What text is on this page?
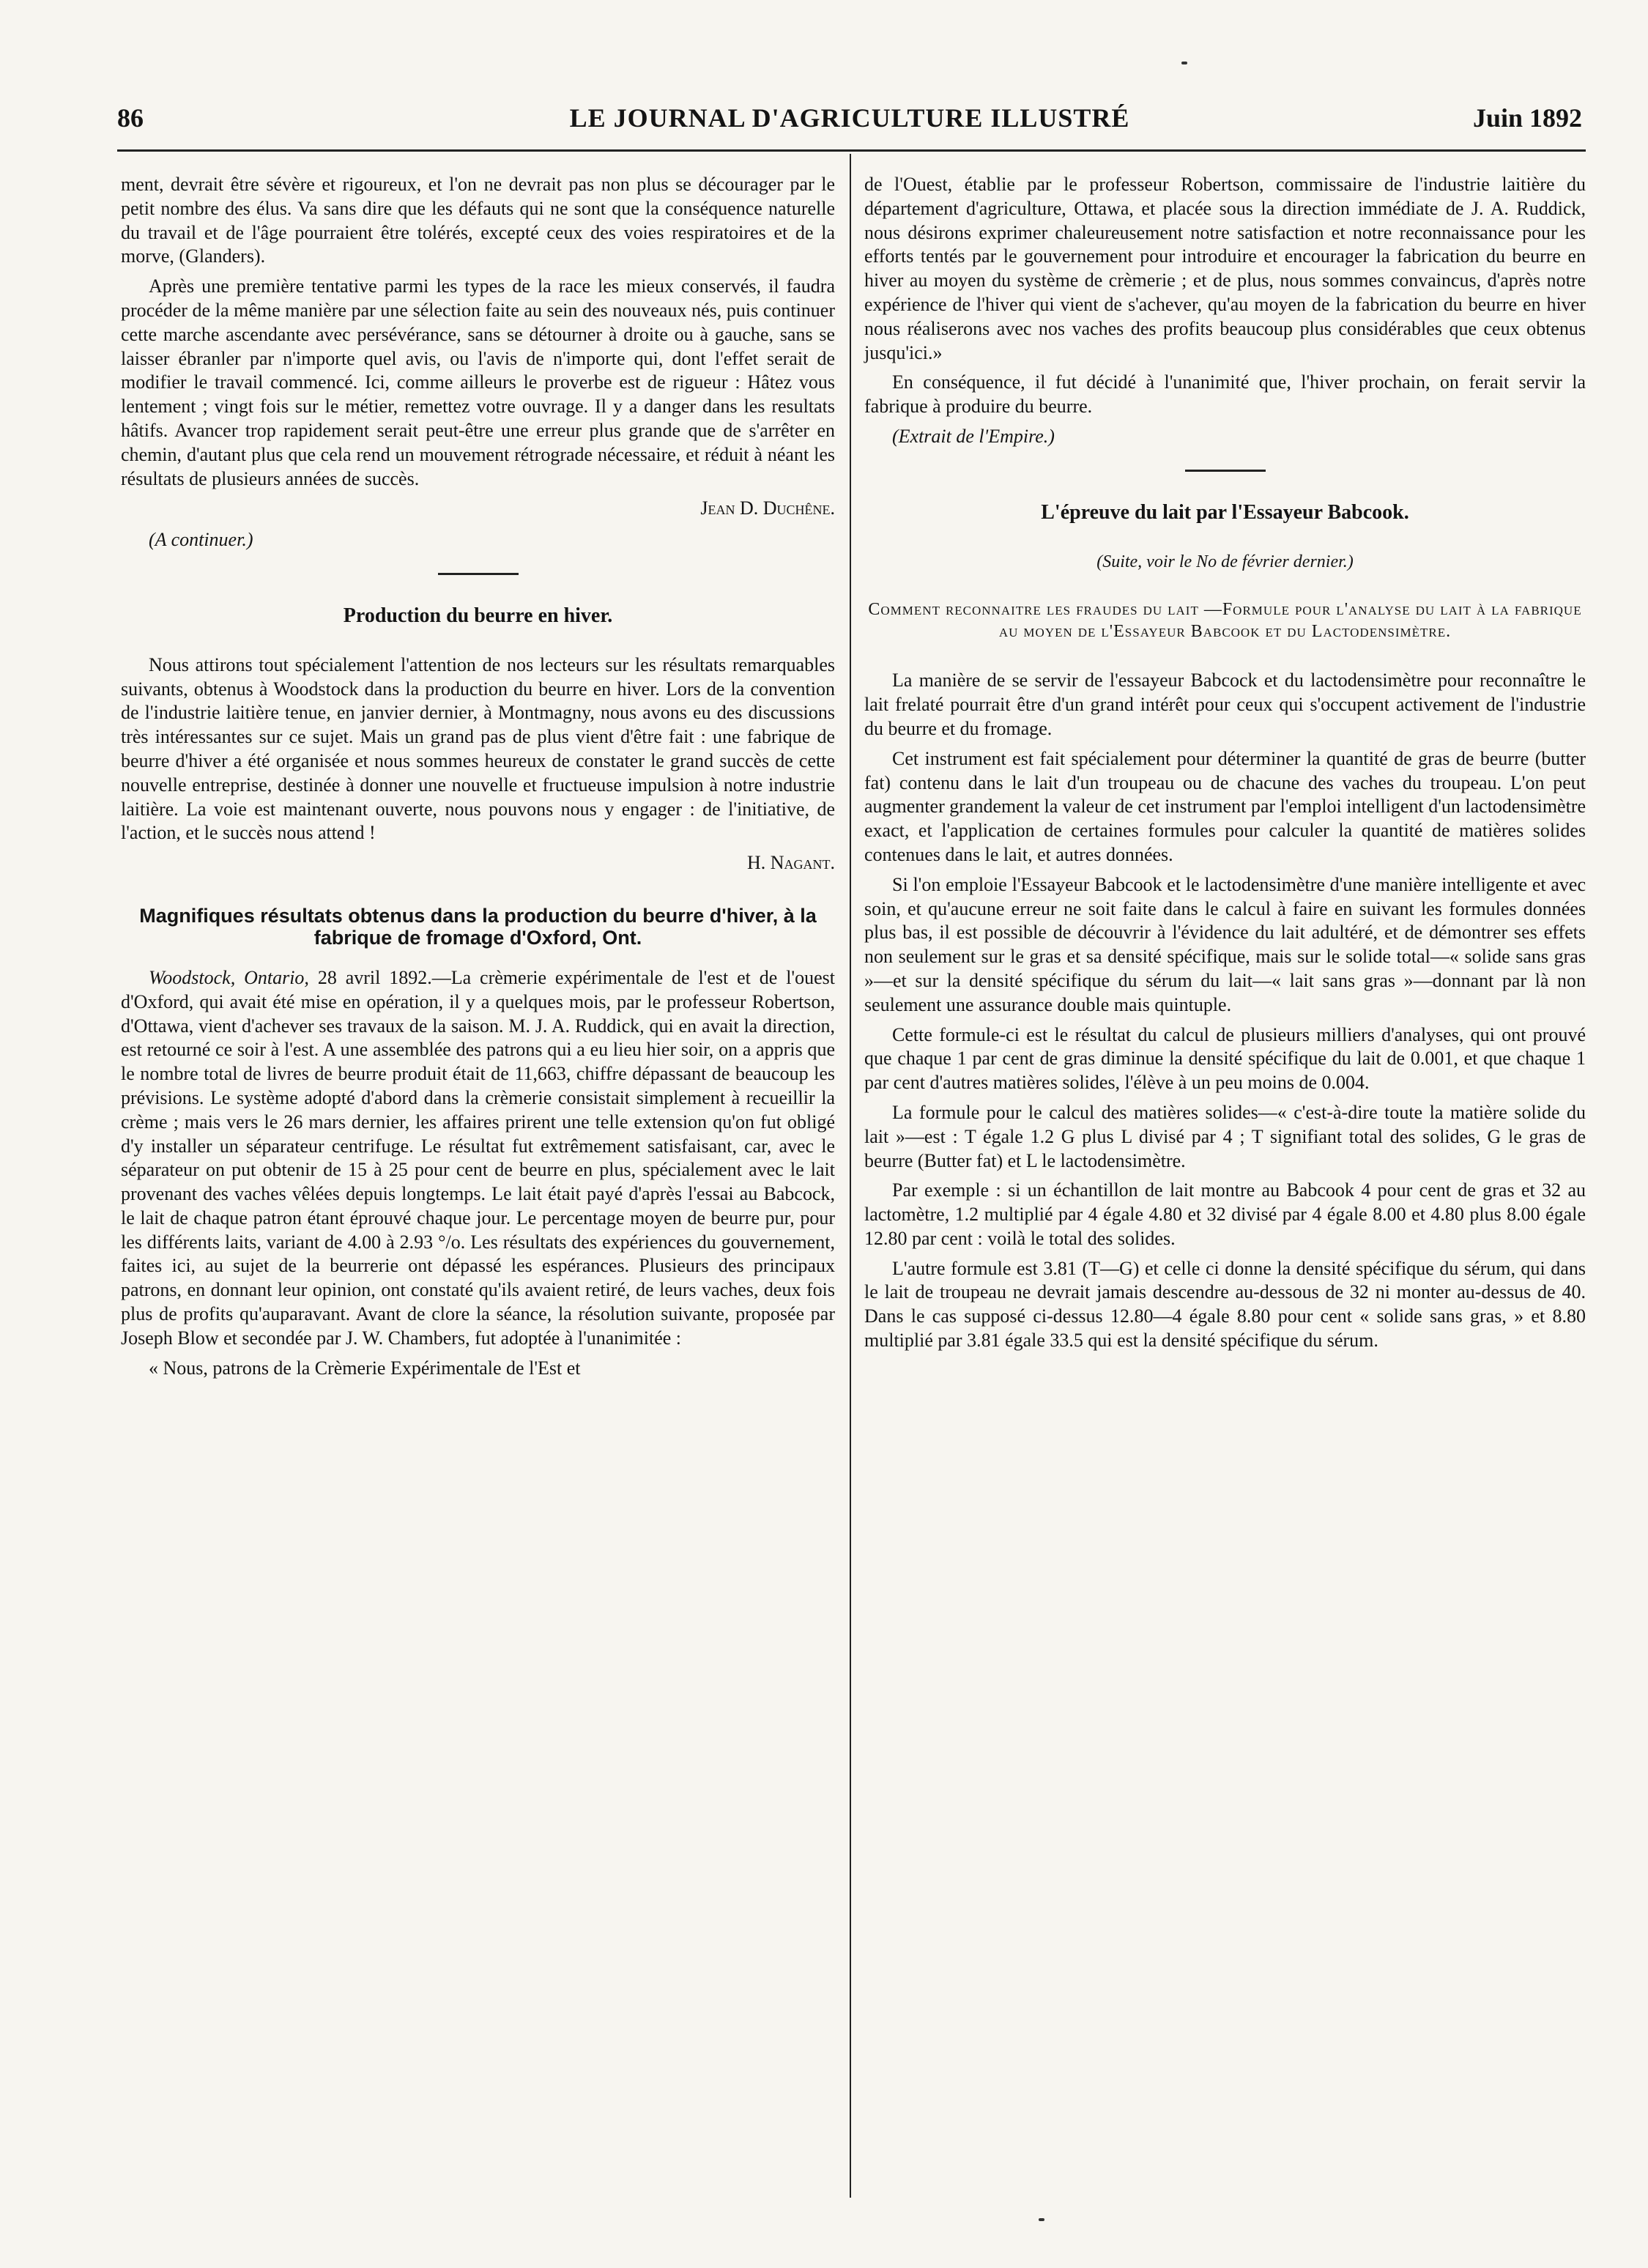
86	LE JOURNAL D'AGRICULTURE ILLUSTRÉ	Juin 1892

ment, devrait être sévère et rigoureux, et l'on ne devrait pas non plus se décourager par le petit nombre des élus. Va sans dire que les défauts qui ne sont que la conséquence naturelle du travail et de l'âge pourraient être tolérés, excepté ceux des voies respiratoires et de la morve, (Glanders).

Après une première tentative parmi les types de la race les mieux conservés, il faudra procéder de la même manière par une sélection faite au sein des nouveaux nés, puis continuer cette marche ascendante avec persévérance, sans se détourner à droite ou à gauche, sans se laisser ébranler par n'importe quel avis, ou l'avis de n'importe qui, dont l'effet serait de modifier le travail commencé. Ici, comme ailleurs le proverbe est de rigueur : Hâtez vous lentement ; vingt fois sur le métier, remettez votre ouvrage. Il y a danger dans les resultats hâtifs. Avancer trop rapidement serait peut-être une erreur plus grande que de s'arrêter en chemin, d'autant plus que cela rend un mouvement rétrograde nécessaire, et réduit à néant les résultats de plusieurs années de succès.

Jean D. Duchêne.
(A continuer.)
Production du beurre en hiver.

Nous attirons tout spécialement l'attention de nos lecteurs sur les résultats remarquables suivants, obtenus à Woodstock dans la production du beurre en hiver. Lors de la convention de l'industrie laitière tenue, en janvier dernier, à Montmagny, nous avons eu des discussions très intéressantes sur ce sujet. Mais un grand pas de plus vient d'être fait : une fabrique de beurre d'hiver a été organisée et nous sommes heureux de constater le grand succès de cette nouvelle entreprise, destinée à donner une nouvelle et fructueuse impulsion à notre industrie laitière. La voie est maintenant ouverte, nous pouvons nous y engager : de l'initiative, de l'action, et le succès nous attend !

H. Nagant.
Magnifiques résultats obtenus dans la production du beurre d'hiver, à la fabrique de fromage d'Oxford, Ont.

Woodstock, Ontario, 28 avril 1892.—La crèmerie expérimentale de l'est et de l'ouest d'Oxford, qui avait été mise en opération, il y a quelques mois, par le professeur Robertson, d'Ottawa, vient d'achever ses travaux de la saison. M. J. A. Ruddick, qui en avait la direction, est retourné ce soir à l'est. A une assemblée des patrons qui a eu lieu hier soir, on a appris que le nombre total de livres de beurre produit était de 11,663, chiffre dépassant de beaucoup les prévisions. Le système adopté d'abord dans la crèmerie consistait simplement à recueillir la crème ; mais vers le 26 mars dernier, les affaires prirent une telle extension qu'on fut obligé d'y installer un séparateur centrifuge. Le résultat fut extrêmement satisfaisant, car, avec le séparateur on put obtenir de 15 à 25 pour cent de beurre en plus, spécialement avec le lait provenant des vaches vêlées depuis longtemps. Le lait était payé d'après l'essai au Babcock, le lait de chaque patron étant éprouvé chaque jour. Le percentage moyen de beurre pur, pour les différents laits, variant de 4.00 à 2.93 °/o. Les résultats des expériences du gouvernement, faites ici, au sujet de la beurrerie ont dépassé les espérances. Plusieurs des principaux patrons, en donnant leur opinion, ont constaté qu'ils avaient retiré, de leurs vaches, deux fois plus de profits qu'auparavant. Avant de clore la séance, la résolution suivante, proposée par Joseph Blow et secondée par J. W. Chambers, fut adoptée à l'unanimitée :

« Nous, patrons de la Crèmerie Expérimentale de l'Est et

de l'Ouest, établie par le professeur Robertson, commissaire de l'industrie laitière du département d'agriculture, Ottawa, et placée sous la direction immédiate de J. A. Ruddick, nous désirons exprimer chaleureusement notre satisfaction et notre reconnaissance pour les efforts tentés par le gouvernement pour introduire et encourager la fabrication du beurre en hiver au moyen du système de crèmerie ; et de plus, nous sommes convaincus, d'après notre expérience de l'hiver qui vient de s'achever, qu'au moyen de la fabrication du beurre en hiver nous réaliserons avec nos vaches des profits beaucoup plus considérables que ceux obtenus jusqu'ici.»

En conséquence, il fut décidé à l'unanimité que, l'hiver prochain, on ferait servir la fabrique à produire du beurre.

(Extrait de l'Empire.)
L'épreuve du lait par l'Essayeur Babcook.
(Suite, voir le No de février dernier.)
Comment reconnaitre les fraudes du lait —Formule pour l'analyse du lait à la fabrique au moyen de l'Essayeur Babcook et du Lactodensimètre.

La manière de se servir de l'essayeur Babcock et du lactodensimètre pour reconnaître le lait frelaté pourrait être d'un grand intérêt pour ceux qui s'occupent activement de l'industrie du beurre et du fromage.

Cet instrument est fait spécialement pour déterminer la quantité de gras de beurre (butter fat) contenu dans le lait d'un troupeau ou de chacune des vaches du troupeau. L'on peut augmenter grandement la valeur de cet instrument par l'emploi intelligent d'un lactodensimètre exact, et l'application de certaines formules pour calculer la quantité de matières solides contenues dans le lait, et autres données.

Si l'on emploie l'Essayeur Babcook et le lactodensimètre d'une manière intelligente et avec soin, et qu'aucune erreur ne soit faite dans le calcul à faire en suivant les formules données plus bas, il est possible de découvrir à l'évidence du lait adultéré, et de démontrer ses effets non seulement sur le gras et sa densité spécifique, mais sur le solide total—« solide sans gras »—et sur la densité spécifique du sérum du lait—« lait sans gras »—donnant par là non seulement une assurance double mais quintuple.

Cette formule-ci est le résultat du calcul de plusieurs milliers d'analyses, qui ont prouvé que chaque 1 par cent de gras diminue la densité spécifique du lait de 0.001, et que chaque 1 par cent d'autres matières solides, l'élève à un peu moins de 0.004.

La formule pour le calcul des matières solides—« c'est-à-dire toute la matière solide du lait »—est : T égale 1.2 G plus L divisé par 4 ; T signifiant total des solides, G le gras de beurre (Butter fat) et L le lactodensimètre.

Par exemple : si un échantillon de lait montre au Babcook 4 pour cent de gras et 32 au lactomètre, 1.2 multiplié par 4 égale 4.80 et 32 divisé par 4 égale 8.00 et 4.80 plus 8.00 égale 12.80 par cent : voilà le total des solides.

L'autre formule est 3.81 (T—G) et celle ci donne la densité spécifique du sérum, qui dans le lait de troupeau ne devrait jamais descendre au-dessous de 32 ni monter au-dessus de 40. Dans le cas supposé ci-dessus 12.80—4 égale 8.80 pour cent « solide sans gras, » et 8.80 multiplié par 3.81 égale 33.5 qui est la densité spécifique du sérum.
